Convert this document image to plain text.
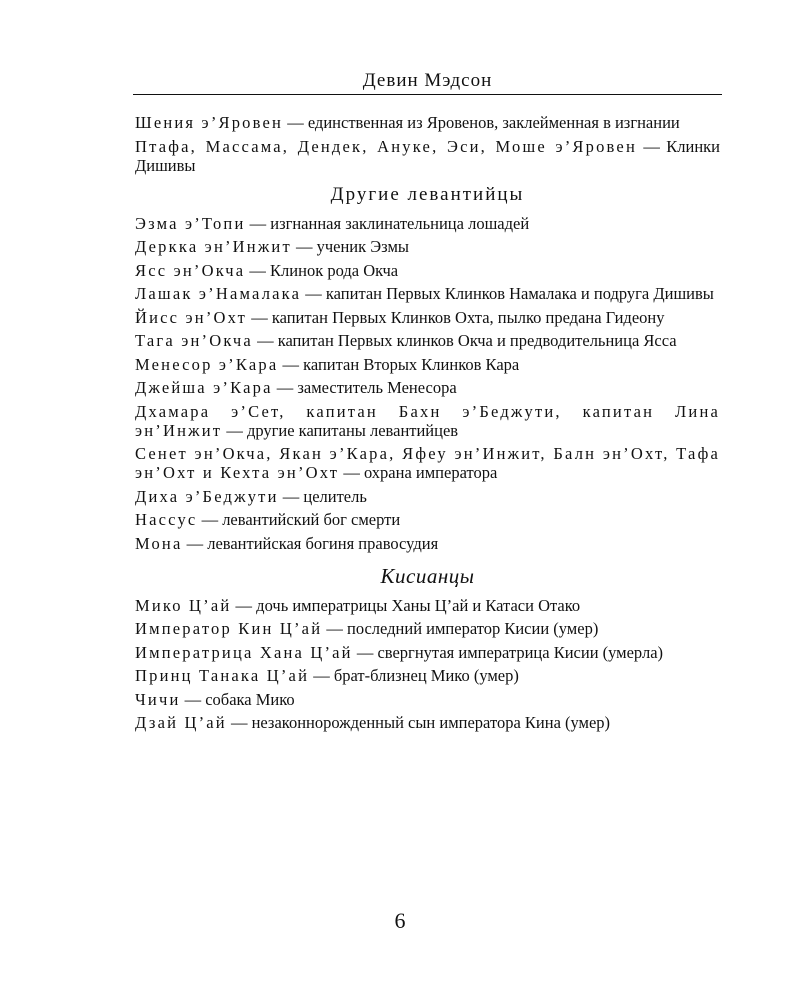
Девин Мэдсон

Шения э’Яровен — единственная из Яровенов, заклейменная в изгнании

Птафа, Массама, Дендек, Ануке, Эси, Моше э’Яровен — Клинки Дишивы

Другие левантийцы

Эзма э’Топи — изгнанная заклинательница лошадей

Деркка эн’Инжит — ученик Эзмы

Ясс эн’Окча — Клинок рода Окча

Лашак э’Намалака — капитан Первых Клинков Намалака и подруга Дишивы

Йисс эн’Охт — капитан Первых Клинков Охта, пылко предана Гидеону

Тага эн’Окча — капитан Первых клинков Окча и предводительница Ясса

Менесор э’Кара — капитан Вторых Клинков Кара

Джейша э’Кара — заместитель Менесора

Дхамара э’Сет, капитан Бахн э’Беджути, капитан Лина эн’Инжит — другие капитаны левантийцев

Сенет эн’Окча, Якан э’Кара, Яфеу эн’Инжит, Балн эн’Охт, Тафа эн’Охт и Кехта эн’Охт — охрана императора

Диха э’Беджути — целитель

Нассус — левантийский бог смерти

Мона — левантийская богиня правосудия

Кисианцы

Мико Ц’ай — дочь императрицы Ханы Ц’ай и Катаси Отако

Император Кин Ц’ай — последний император Кисии (умер)

Императрица Хана Ц’ай — свергнутая императрица Кисии (умерла)

Принц Танака Ц’ай — брат-близнец Мико (умер)

Чичи — собака Мико

Дзай Ц’ай — незаконнорожденный сын императора Кина (умер)

6
